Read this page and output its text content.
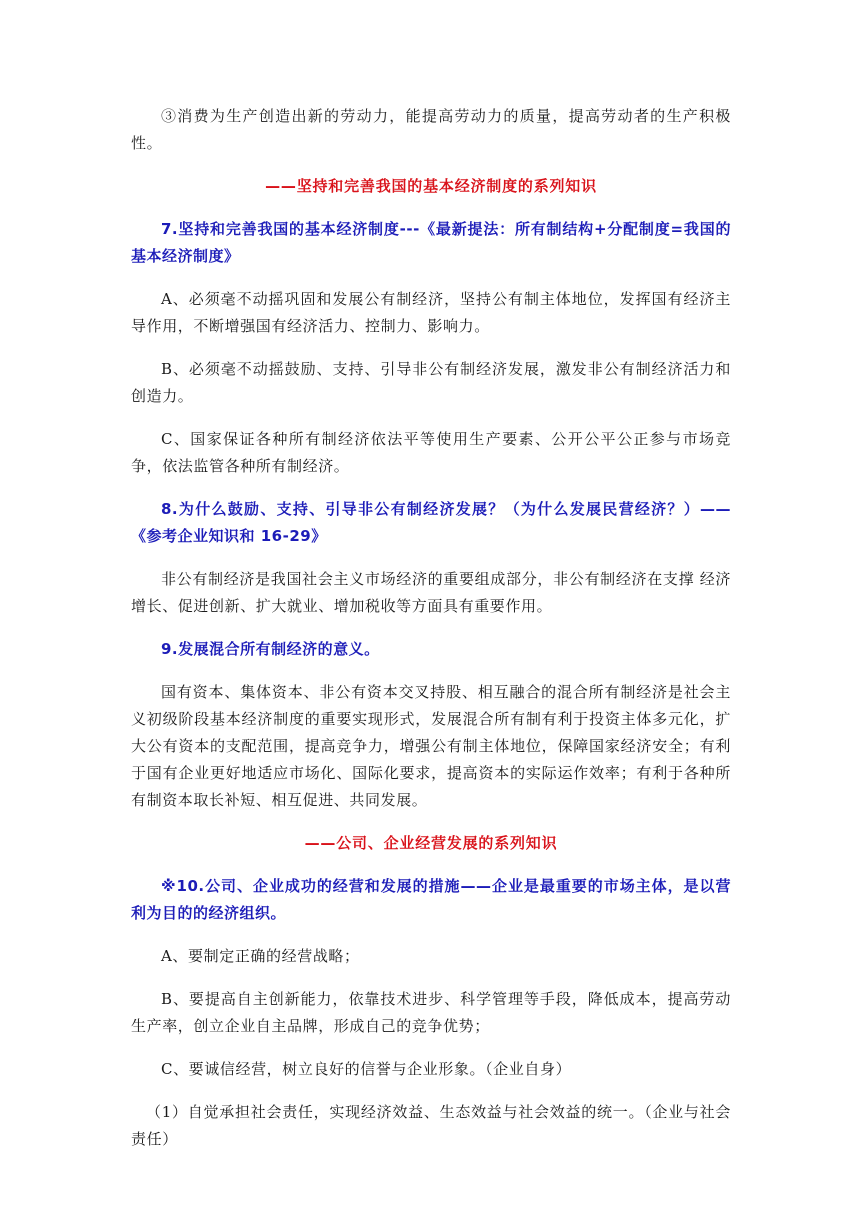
③消费为生产创造出新的劳动力，能提高劳动力的质量，提高劳动者的生产积极性。

——坚持和完善我国的基本经济制度的系列知识

7.坚持和完善我国的基本经济制度---《最新提法：所有制结构+分配制度=我国的基本经济制度》

A、必须毫不动摇巩固和发展公有制经济，坚持公有制主体地位，发挥国有经济主导作用，不断增强国有经济活力、控制力、影响力。

B、必须毫不动摇鼓励、支持、引导非公有制经济发展，激发非公有制经济活力和创造力。

C、国家保证各种所有制经济依法平等使用生产要素、公开公平公正参与市场竞争，依法监管各种所有制经济。

8.为什么鼓励、支持、引导非公有制经济发展？（为什么发展民营经济？）——《参考企业知识和 16-29》

非公有制经济是我国社会主义市场经济的重要组成部分，非公有制经济在支撑 经济增长、促进创新、扩大就业、增加税收等方面具有重要作用。

9.发展混合所有制经济的意义。

国有资本、集体资本、非公有资本交叉持股、相互融合的混合所有制经济是社会主义初级阶段基本经济制度的重要实现形式，发展混合所有制有利于投资主体多元化，扩大公有资本的支配范围，提高竞争力，增强公有制主体地位，保障国家经济安全；有利于国有企业更好地适应市场化、国际化要求，提高资本的实际运作效率；有利于各种所有制资本取长补短、相互促进、共同发展。

——公司、企业经营发展的系列知识

※10.公司、企业成功的经营和发展的措施——企业是最重要的市场主体，是以营利为目的的经济组织。

A、要制定正确的经营战略；

B、要提高自主创新能力，依靠技术进步、科学管理等手段，降低成本，提高劳动生产率，创立企业自主品牌，形成自己的竞争优势；

C、要诚信经营，树立良好的信誉与企业形象。（企业自身）

（1）自觉承担社会责任，实现经济效益、生态效益与社会效益的统一。（企业与社会责任）
